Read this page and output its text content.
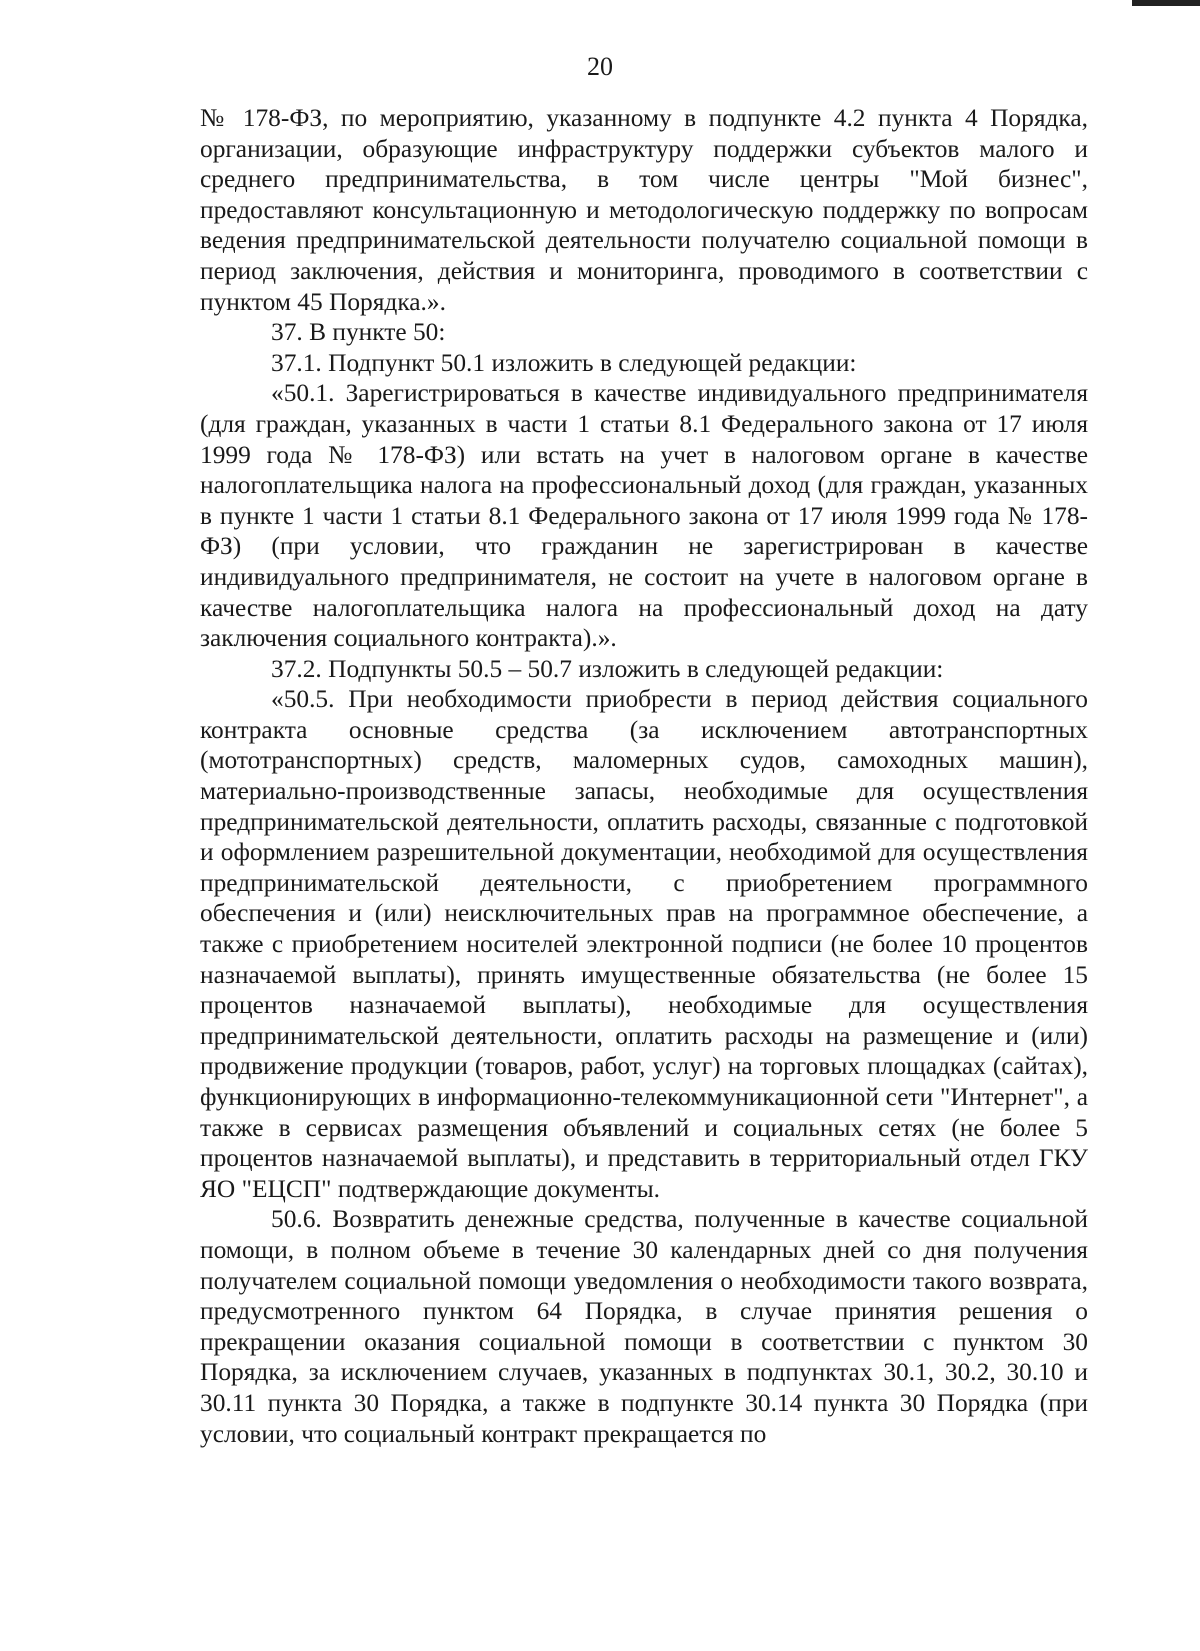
20

№ 178-ФЗ, по мероприятию, указанному в подпункте 4.2 пункта 4 Порядка, организации, образующие инфраструктуру поддержки субъектов малого и среднего предпринимательства, в том числе центры "Мой бизнес", предоставляют консультационную и методологическую поддержку по вопросам ведения предпринимательской деятельности получателю социальной помощи в период заключения, действия и мониторинга, проводимого в соответствии с пунктом 45 Порядка.».

37. В пункте 50:

37.1. Подпункт 50.1 изложить в следующей редакции:

«50.1. Зарегистрироваться в качестве индивидуального предпринимателя (для граждан, указанных в части 1 статьи 8.1 Федерального закона от 17 июля 1999 года № 178-ФЗ) или встать на учет в налоговом органе в качестве налогоплательщика налога на профессиональный доход (для граждан, указанных в пункте 1 части 1 статьи 8.1 Федерального закона от 17 июля 1999 года № 178-ФЗ) (при условии, что гражданин не зарегистрирован в качестве индивидуального предпринимателя, не состоит на учете в налоговом органе в качестве налогоплательщика налога на профессиональный доход на дату заключения социального контракта).».

37.2. Подпункты 50.5 – 50.7 изложить в следующей редакции:

«50.5. При необходимости приобрести в период действия социального контракта основные средства (за исключением автотранспортных (мототранспортных) средств, маломерных судов, самоходных машин), материально-производственные запасы, необходимые для осуществления предпринимательской деятельности, оплатить расходы, связанные с подготовкой и оформлением разрешительной документации, необходимой для осуществления предпринимательской деятельности, с приобретением программного обеспечения и (или) неисключительных прав на программное обеспечение, а также с приобретением носителей электронной подписи (не более 10 процентов назначаемой выплаты), принять имущественные обязательства (не более 15 процентов назначаемой выплаты), необходимые для осуществления предпринимательской деятельности, оплатить расходы на размещение и (или) продвижение продукции (товаров, работ, услуг) на торговых площадках (сайтах), функционирующих в информационно-телекоммуникационной сети "Интернет", а также в сервисах размещения объявлений и социальных сетях (не более 5 процентов назначаемой выплаты), и представить в территориальный отдел ГКУ ЯО "ЕЦСП" подтверждающие документы.

50.6. Возвратить денежные средства, полученные в качестве социальной помощи, в полном объеме в течение 30 календарных дней со дня получения получателем социальной помощи уведомления о необходимости такого возврата, предусмотренного пунктом 64 Порядка, в случае принятия решения о прекращении оказания социальной помощи в соответствии с пунктом 30 Порядка, за исключением случаев, указанных в подпунктах 30.1, 30.2, 30.10 и 30.11 пункта 30 Порядка, а также в подпункте 30.14 пункта 30 Порядка (при условии, что социальный контракт прекращается по
